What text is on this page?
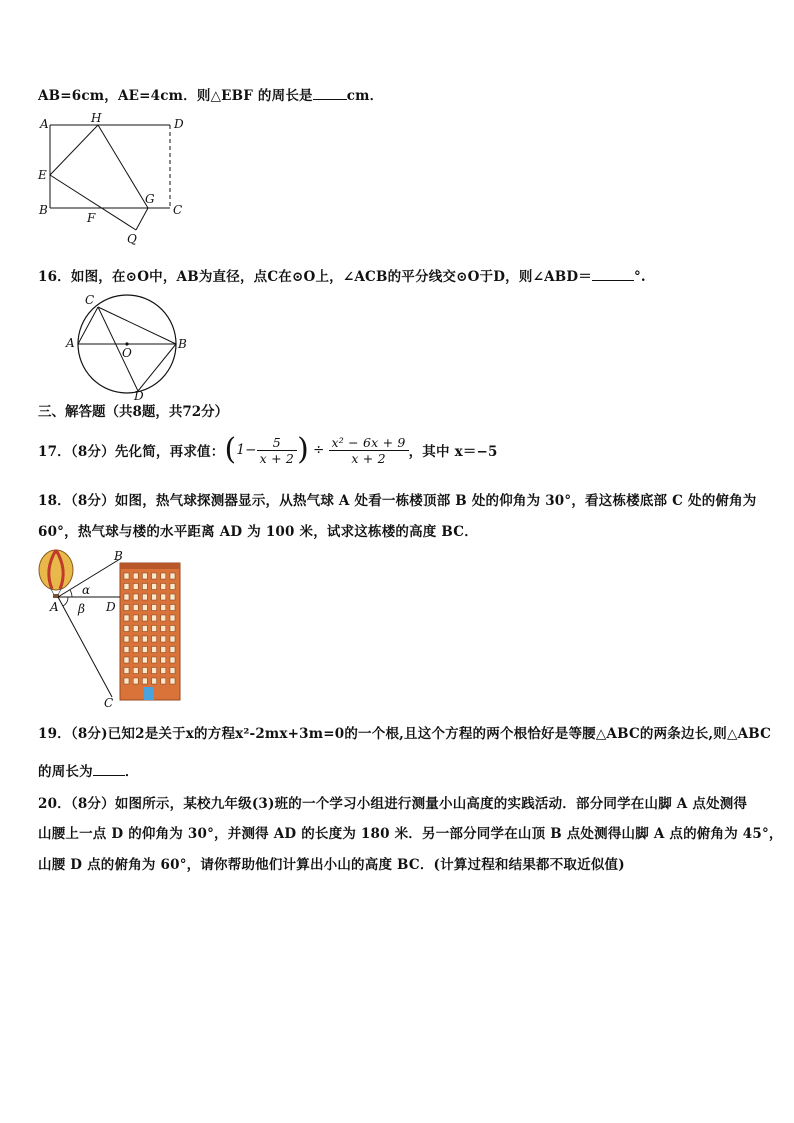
AB=6cm，AE=4cm．则△EBF 的周长是	cm．
A	H	D
E
B
F
G
C
Q
16．如图，在⊙O中，AB为直径，点C在⊙O上，∠ACB的平分线交⊙O于D，则∠ABD＝	°.
C
A
O
B
D
三、解答题（共8题，共72分）
17．（8分）先化简，再求值： ( $1- \frac{5}{x + 2}$ ) ÷ $\frac{\text{x² − 6x + 9}}{x + 2}$ ，其中 x＝−5
18．（8分）如图，热气球探测器显示，从热气球 A 处看一栋楼顶部 B 处的仰角为 30°，看这栋楼底部 C 处的俯角为
60°，热气球与楼的水平距离 AD 为 100 米，试求这栋楼的高度 BC．
B
α
A β D
C
19．（8分)已知2是关于x的方程x²-2mx+3m=0的一个根,且这个方程的两个根恰好是等腰△ABC的两条边长,则△ABC
的周长为 ．
20．（8分）如图所示，某校九年级(3)班的一个学习小组进行测量小山高度的实践活动．部分同学在山脚 A 点处测得
山腰上一点 D 的仰角为 30°，并测得 AD 的长度为 180 米．另一部分同学在山顶 B 点处测得山脚 A 点的俯角为 45°，
山腰 D 点的俯角为 60°，请你帮助他们计算出小山的高度 BC．(计算过程和结果都不取近似值)
